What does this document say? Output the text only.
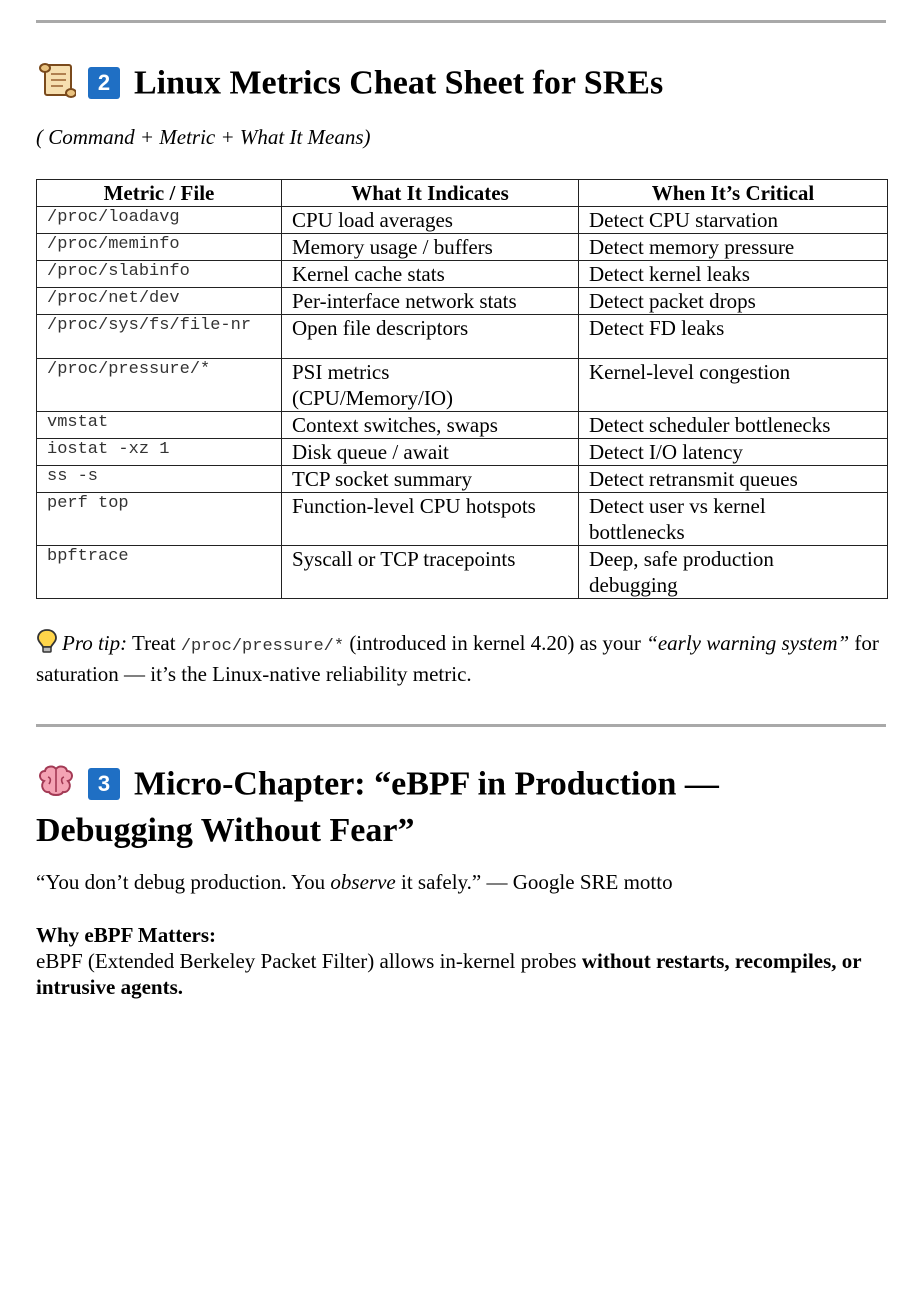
2 Linux Metrics Cheat Sheet for SREs
( Command + Metric + What It Means)
Metric / File	What It Indicates	When It’s Critical
/proc/loadavg	CPU load averages	Detect CPU starvation
/proc/meminfo	Memory usage / buffers	Detect memory pressure
/proc/slabinfo	Kernel cache stats	Detect kernel leaks
/proc/net/dev	Per-interface network stats	Detect packet drops
/proc/sys/fs/file-nr	Open file descriptors	Detect FD leaks
/proc/pressure/*	PSI metrics (CPU/Memory/IO)	Kernel-level congestion
vmstat	Context switches, swaps	Detect scheduler bottlenecks
iostat -xz 1	Disk queue / await	Detect I/O latency
ss -s	TCP socket summary	Detect retransmit queues
perf top	Function-level CPU hotspots	Detect user vs kernel bottlenecks
bpftrace	Syscall or TCP tracepoints	Deep, safe production debugging
Pro tip: Treat /proc/pressure/* (introduced in kernel 4.20) as your “early warning system” for saturation — it’s the Linux-native reliability metric.
3 Micro-Chapter: “eBPF in Production —
Debugging Without Fear”
“You don’t debug production. You observe it safely.” — Google SRE motto
Why eBPF Matters:
eBPF (Extended Berkeley Packet Filter) allows in-kernel probes without restarts, recompiles, or intrusive agents.
